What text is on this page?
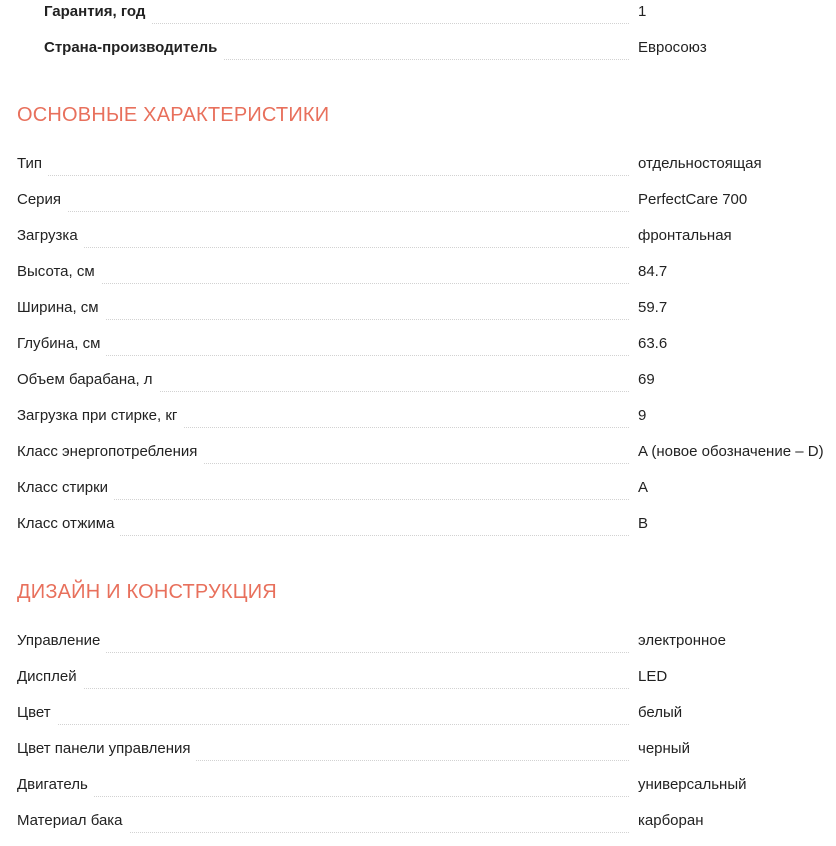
Гарантия, год	1
Страна-производитель	Евросоюз
ОСНОВНЫЕ ХАРАКТЕРИСТИКИ
Тип	отдельностоящая
Серия	PerfectCare 700
Загрузка	фронтальная
Высота, см	84.7
Ширина, см	59.7
Глубина, см	63.6
Объем барабана, л	69
Загрузка при стирке, кг	9
Класс энергопотребления	A (новое обозначение – D)
Класс стирки	A
Класс отжима	B
ДИЗАЙН И КОНСТРУКЦИЯ
Управление	электронное
Дисплей	LED
Цвет	белый
Цвет панели управления	черный
Двигатель	универсальный
Материал бака	карборан
